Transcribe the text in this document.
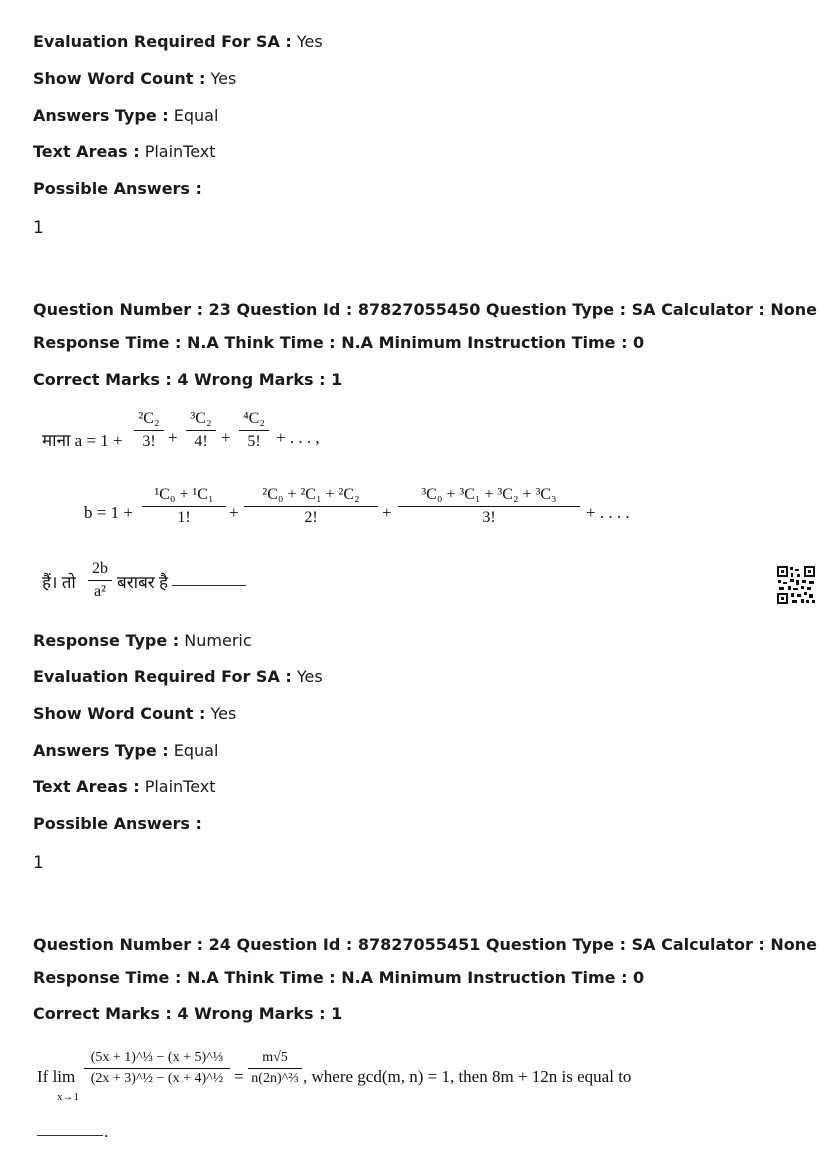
Evaluation Required For SA : Yes
Show Word Count : Yes
Answers Type : Equal
Text Areas : PlainText
Possible Answers :
1
Question Number : 23 Question Id : 87827055450 Question Type : SA Calculator : None
Response Time : N.A Think Time : N.A Minimum Instruction Time : 0
Correct Marks : 4 Wrong Marks : 1
माना a = 1 +
²C₂
3! +
³C₂
4! +
⁴C₂
5! + . . . ,
b = 1 +
¹C₀ + ¹C₁
1!	+
²C₀ + ²C₁ + ²C₂
2!	+
³C₀ + ³C₁ + ³C₂ + ³C₃
3!	+ . . . .
हैं। तो
2b
a² बराबर है
Response Type : Numeric
Evaluation Required For SA : Yes
Show Word Count : Yes
Answers Type : Equal
Text Areas : PlainText
Possible Answers :
1
Question Number : 24 Question Id : 87827055451 Question Type : SA Calculator : None
Response Time : N.A Think Time : N.A Minimum Instruction Time : 0
Correct Marks : 4 Wrong Marks : 1
If lim
x→1
(5x + 1)^⅓ − (x + 5)^⅓
(2x + 3)^½ − (x + 4)^½ =
m√5
n(2n)^⅔ , where gcd(m, n) = 1, then 8m + 12n is equal to
.
